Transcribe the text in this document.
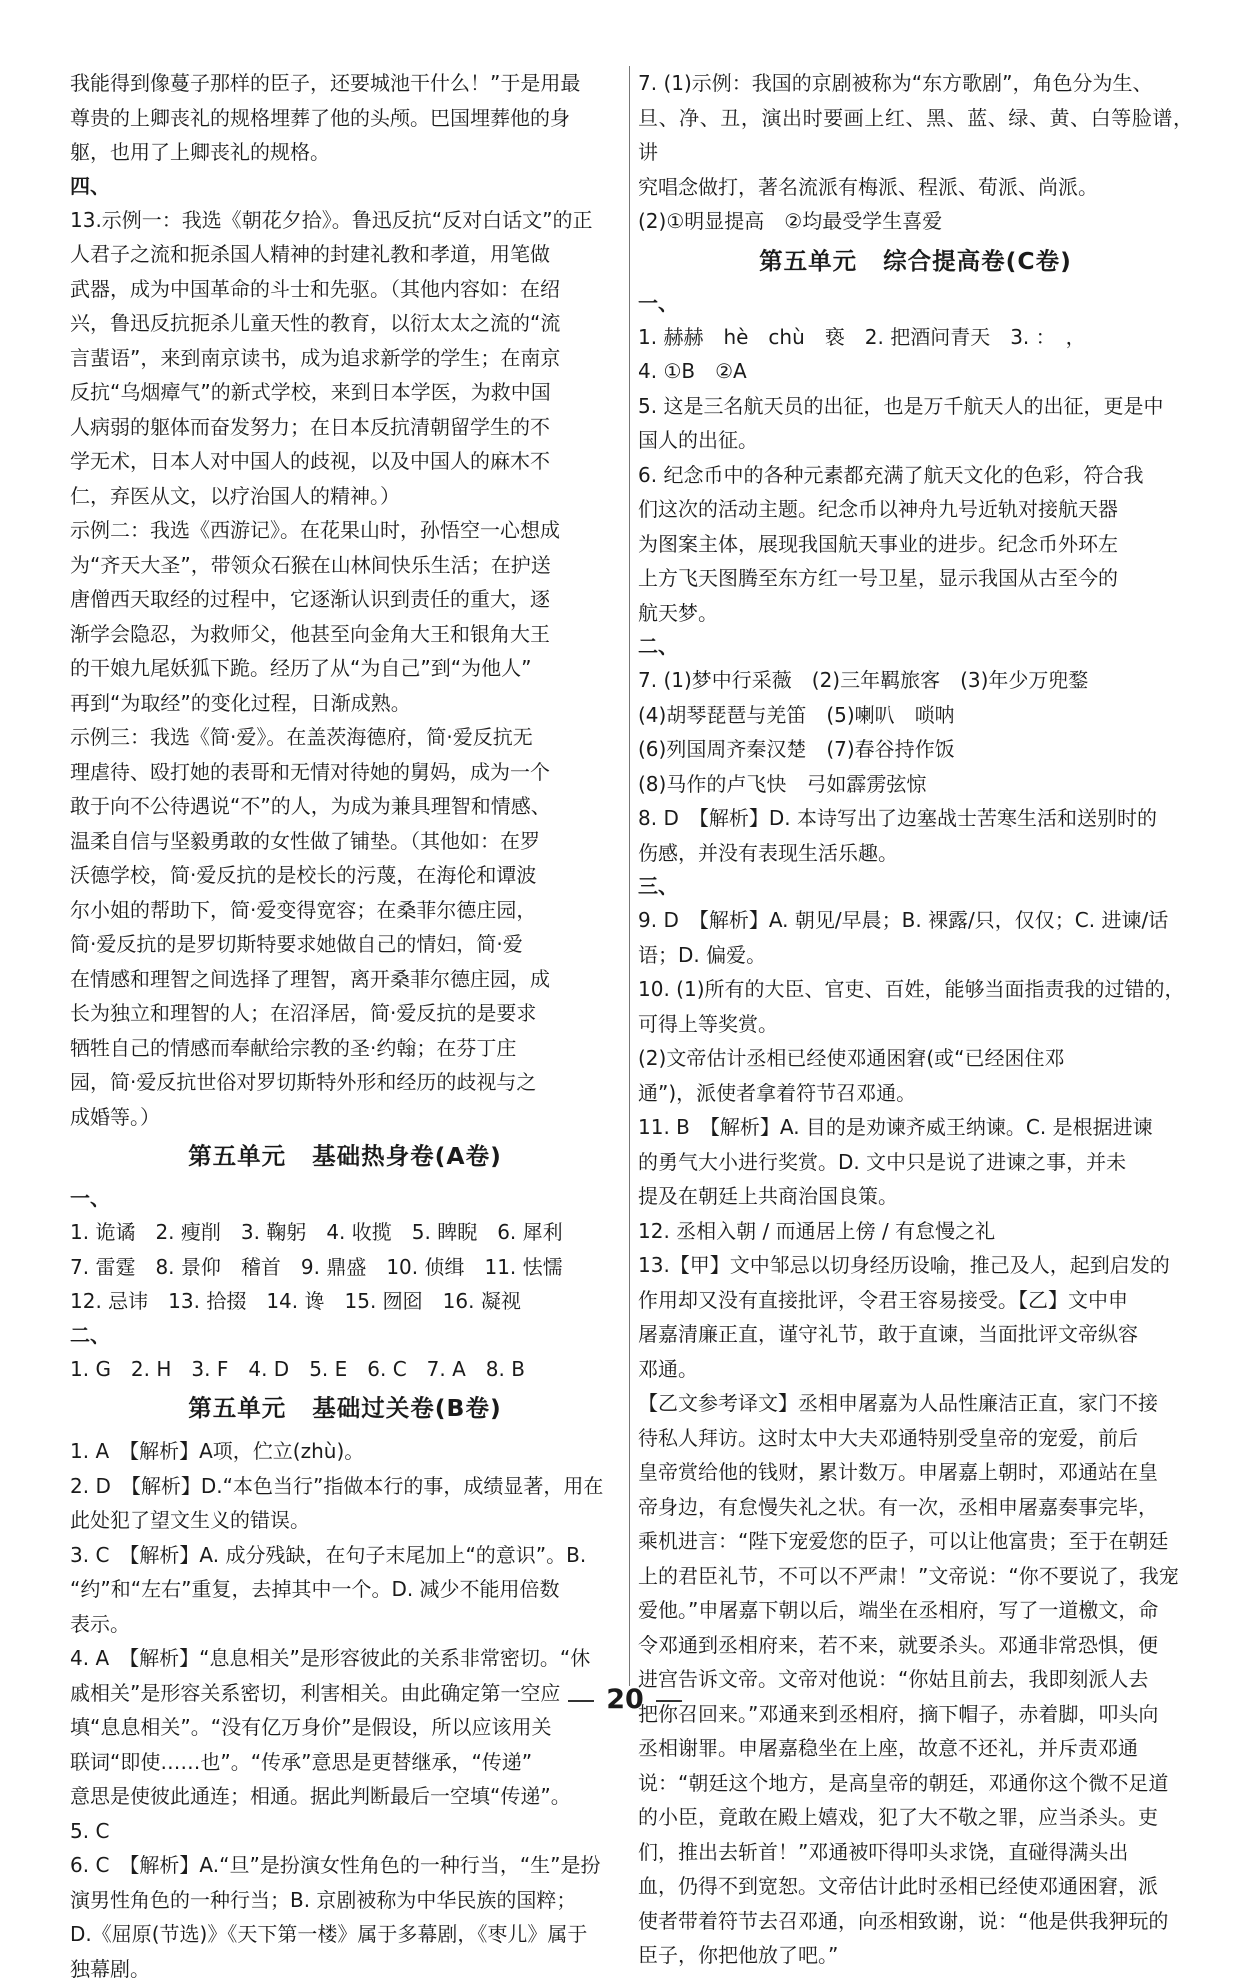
我能得到像蔓子那样的臣子，还要城池干什么！”于是用最

尊贵的上卿丧礼的规格埋葬了他的头颅。巴国埋葬他的身

躯，也用了上卿丧礼的规格。

四、

13.示例一：我选《朝花夕拾》。鲁迅反抗“反对白话文”的正

人君子之流和扼杀国人精神的封建礼教和孝道，用笔做

武器，成为中国革命的斗士和先驱。（其他内容如：在绍

兴，鲁迅反抗扼杀儿童天性的教育，以衍太太之流的“流

言蜚语”，来到南京读书，成为追求新学的学生；在南京

反抗“乌烟瘴气”的新式学校，来到日本学医，为救中国

人病弱的躯体而奋发努力；在日本反抗清朝留学生的不

学无术，日本人对中国人的歧视，以及中国人的麻木不

仁，弃医从文，以疗治国人的精神。）

示例二：我选《西游记》。在花果山时，孙悟空一心想成

为“齐天大圣”，带领众石猴在山林间快乐生活；在护送

唐僧西天取经的过程中，它逐渐认识到责任的重大，逐

渐学会隐忍，为救师父，他甚至向金角大王和银角大王

的干娘九尾妖狐下跪。经历了从“为自己”到“为他人”

再到“为取经”的变化过程，日渐成熟。

示例三：我选《简·爱》。在盖茨海德府，简·爱反抗无

理虐待、殴打她的表哥和无情对待她的舅妈，成为一个

敢于向不公待遇说“不”的人，为成为兼具理智和情感、

温柔自信与坚毅勇敢的女性做了铺垫。（其他如：在罗

沃德学校，简·爱反抗的是校长的污蔑，在海伦和谭波

尔小姐的帮助下，简·爱变得宽容；在桑菲尔德庄园，

简·爱反抗的是罗切斯特要求她做自己的情妇，简·爱

在情感和理智之间选择了理智，离开桑菲尔德庄园，成

长为独立和理智的人；在沼泽居，简·爱反抗的是要求

牺牲自己的情感而奉献给宗教的圣·约翰；在芬丁庄

园，简·爱反抗世俗对罗切斯特外形和经历的歧视与之

成婚等。）

第五单元 基础热身卷(A卷)
一、

1. 诡谲　2. 瘦削　3. 鞠躬　4. 收揽　5. 睥睨　6. 犀利

7. 雷霆　8. 景仰　稽首　9. 鼎盛　10. 侦缉　11. 怯懦

12. 忌讳　13. 拾掇　14. 谗　15. 囫囵　16. 凝视

二、

1. G　2. H　3. F　4. D　5. E　6. C　7. A　8. B

第五单元 基础过关卷(B卷)

1. A　【解析】A项，伫立(zhù)。

2. D　【解析】D.“本色当行”指做本行的事，成绩显著，用在

此处犯了望文生义的错误。

3. C　【解析】A. 成分残缺，在句子末尾加上“的意识”。B.

“约”和“左右”重复，去掉其中一个。D. 减少不能用倍数

表示。

4. A　【解析】“息息相关”是形容彼此的关系非常密切。“休

戚相关”是形容关系密切，利害相关。由此确定第一空应

填“息息相关”。“没有亿万身价”是假设，所以应该用关

联词“即使……也”。“传承”意思是更替继承，“传递”

意思是使彼此通连；相通。据此判断最后一空填“传递”。

5. C

6. C　【解析】A.“旦”是扮演女性角色的一种行当，“生”是扮

演男性角色的一种行当；B. 京剧被称为中华民族的国粹；

D.《屈原(节选)》《天下第一楼》属于多幕剧，《枣儿》属于

独幕剧。

7. (1)示例：我国的京剧被称为“东方歌剧”，角色分为生、

旦、净、丑，演出时要画上红、黑、蓝、绿、黄、白等脸谱，讲

究唱念做打，著名流派有梅派、程派、荀派、尚派。

(2)①明显提高　②均最受学生喜爱

第五单元 综合提高卷(C卷)
一、

1. 赫赫　hè　chù　亵　2. 把酒问青天　3. ：　，

4. ①B　②A

5. 这是三名航天员的出征，也是万千航天人的出征，更是中

国人的出征。

6. 纪念币中的各种元素都充满了航天文化的色彩，符合我

们这次的活动主题。纪念币以神舟九号近轨对接航天器

为图案主体，展现我国航天事业的进步。纪念币外环左

上方飞天图腾至东方红一号卫星，显示我国从古至今的

航天梦。

二、

7. (1)梦中行采薇　(2)三年羁旅客　(3)年少万兜鍪

(4)胡琴琵琶与羌笛　(5)喇叭　唢呐

(6)列国周齐秦汉楚　(7)春谷持作饭

(8)马作的卢飞快　弓如霹雳弦惊

8. D　【解析】D. 本诗写出了边塞战士苦寒生活和送别时的

伤感，并没有表现生活乐趣。

三、

9. D　【解析】A. 朝见/早晨；B. 裸露/只，仅仅；C. 进谏/话

语；D. 偏爱。

10. (1)所有的大臣、官吏、百姓，能够当面指责我的过错的，

可得上等奖赏。

(2)文帝估计丞相已经使邓通困窘(或“已经困住邓

通”)，派使者拿着符节召邓通。

11. B　【解析】A. 目的是劝谏齐威王纳谏。C. 是根据进谏

的勇气大小进行奖赏。D. 文中只是说了进谏之事，并未

提及在朝廷上共商治国良策。

12. 丞相入朝 / 而通居上傍 / 有怠慢之礼

13.【甲】文中邹忌以切身经历设喻，推己及人，起到启发的

作用却又没有直接批评，令君王容易接受。【乙】文中申

屠嘉清廉正直，谨守礼节，敢于直谏，当面批评文帝纵容

邓通。

【乙文参考译文】丞相申屠嘉为人品性廉洁正直，家门不接

待私人拜访。这时太中大夫邓通特别受皇帝的宠爱，前后

皇帝赏给他的钱财，累计数万。申屠嘉上朝时，邓通站在皇

帝身边，有怠慢失礼之状。有一次，丞相申屠嘉奏事完毕，

乘机进言：“陛下宠爱您的臣子，可以让他富贵；至于在朝廷

上的君臣礼节，不可以不严肃！”文帝说：“你不要说了，我宠

爱他。”申屠嘉下朝以后，端坐在丞相府，写了一道檄文，命

令邓通到丞相府来，若不来，就要杀头。邓通非常恐惧，便

进宫告诉文帝。文帝对他说：“你姑且前去，我即刻派人去

把你召回来。”邓通来到丞相府，摘下帽子，赤着脚，叩头向

丞相谢罪。申屠嘉稳坐在上座，故意不还礼，并斥责邓通

说：“朝廷这个地方，是高皇帝的朝廷，邓通你这个微不足道

的小臣，竟敢在殿上嬉戏，犯了大不敬之罪，应当杀头。吏

们，推出去斩首！”邓通被吓得叩头求饶，直碰得满头出

血，仍得不到宽恕。文帝估计此时丞相已经使邓通困窘，派

使者带着符节去召邓通，向丞相致谢，说：“他是供我狎玩的

臣子，你把他放了吧。”

20
